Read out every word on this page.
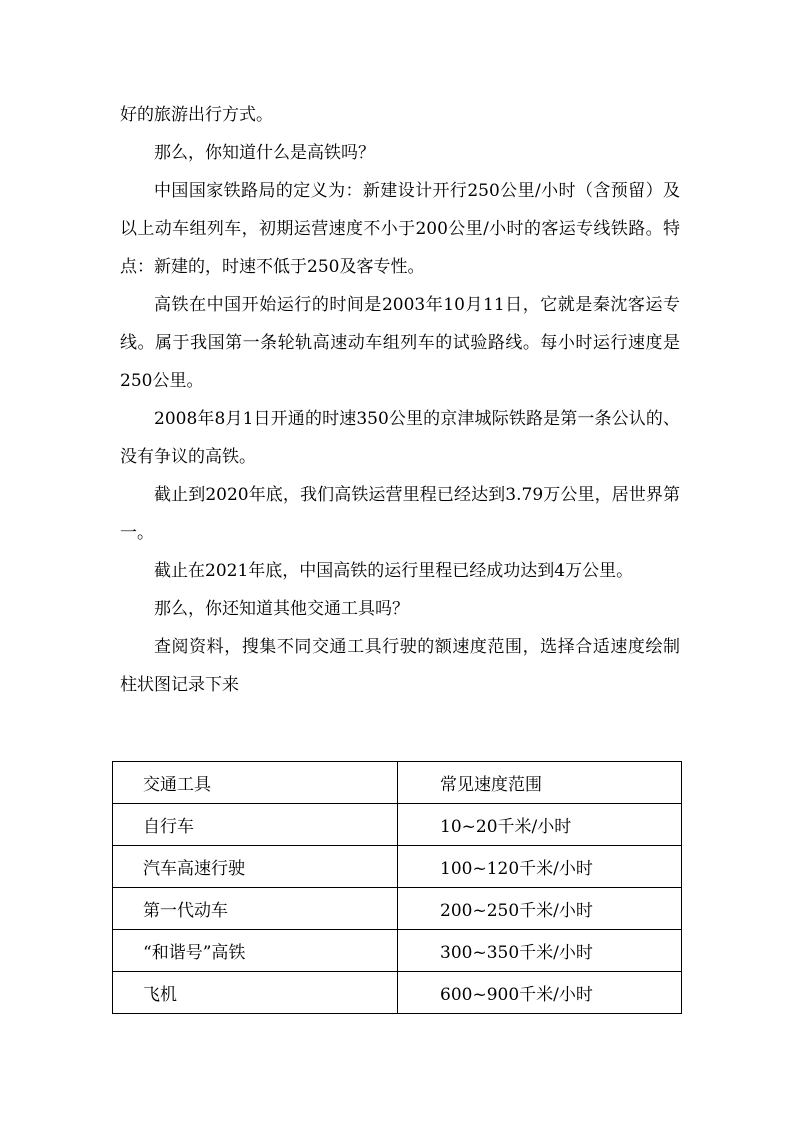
好的旅游出行方式。

那么，你知道什么是高铁吗？

中国国家铁路局的定义为：新建设计开行250公里/小时（含预留）及以上动车组列车，初期运营速度不小于200公里/小时的客运专线铁路。特点：新建的，时速不低于250及客专性。

高铁在中国开始运行的时间是2003年10月11日，它就是秦沈客运专线。属于我国第一条轮轨高速动车组列车的试验路线。每小时运行速度是250公里。

2008年8月1日开通的时速350公里的京津城际铁路是第一条公认的、没有争议的高铁。

截止到2020年底，我们高铁运营里程已经达到3.79万公里，居世界第一。

截止在2021年底，中国高铁的运行里程已经成功达到4万公里。

那么，你还知道其他交通工具吗？

查阅资料，搜集不同交通工具行驶的额速度范围，选择合适速度绘制柱状图记录下来

交通工具	常见速度范围
自行车	10~20千米/小时
汽车高速行驶	100~120千米/小时
第一代动车	200~250千米/小时
“和谐号”高铁	300~350千米/小时
飞机	600~900千米/小时
